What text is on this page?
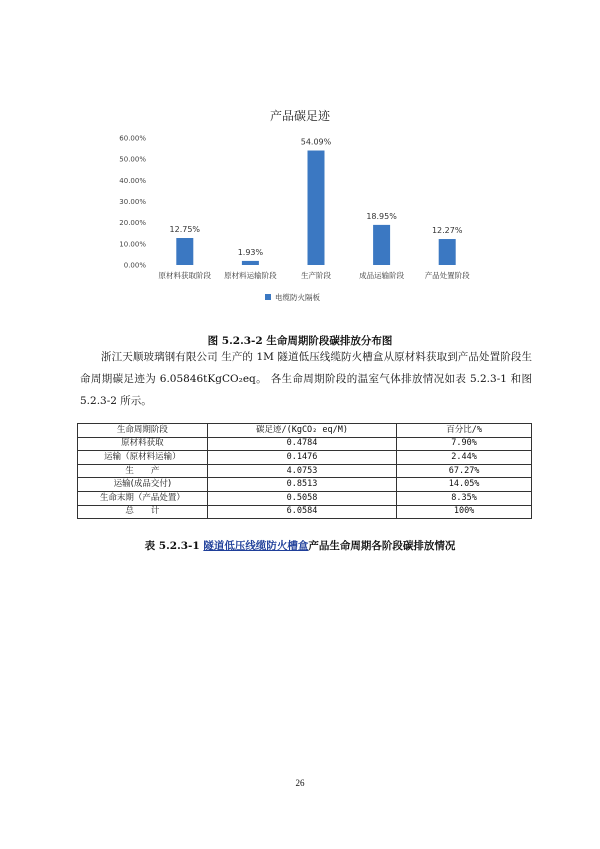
产品碳足迹
0.00%
10.00%
20.00%
30.00%
40.00%
50.00%
60.00%
12.75%
1.93%
54.09%
18.95%
12.27%
原材料获取阶段 原材料运输阶段	生产阶段	成品运输阶段	产品处置阶段
电缆防火隔板
图 5.2.3-2 生命周期阶段碳排放分布图

浙江天顺玻璃钢有限公司 生产的 1M 隧道低压线缆防火槽盒从原材料获取到产品处置阶段生命周期碳足迹为 6.05846tKgCO₂eq。 各生命周期阶段的温室气体排放情况如表 5.2.3-1 和图 5.2.3-2 所示。

生命周期阶段	碳足迹/(KgCO₂ eq/M)	百分比/%
原材料获取	0.4784	7.90%
运输（原材料运输）	0.1476	2.44%
生　　产	4.0753	67.27%
运输(成品交付)	0.8513	14.05%
生命末期（产品处置）	0.5058	8.35%
总　　计	6.0584	100%
表 5.2.3-1 隧道低压线缆防火槽盒产品生命周期各阶段碳排放情况
26
